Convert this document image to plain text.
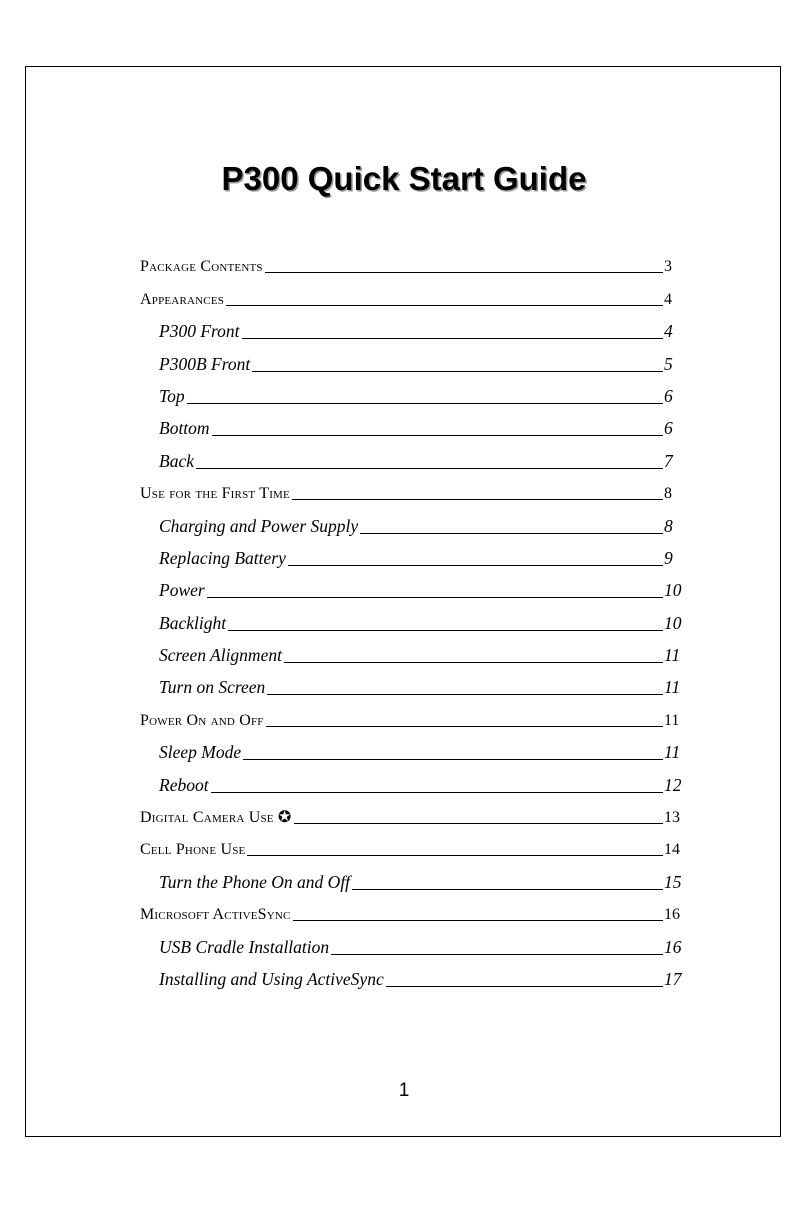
P300 Quick Start Guide
Package Contents	3
Appearances	4
P300 Front	4
P300B Front	5
Top	6
Bottom	6
Back	7
Use for the First Time	8
Charging and Power Supply	8
Replacing Battery	9
Power	10
Backlight	10
Screen Alignment	11
Turn on Screen	11
Power On and Off	11
Sleep Mode	11
Reboot	12
Digital Camera Use ✪	13
Cell Phone Use	14
Turn the Phone On and Off	15
Microsoft ActiveSync	16
USB Cradle Installation	16
Installing and Using ActiveSync	17
1
